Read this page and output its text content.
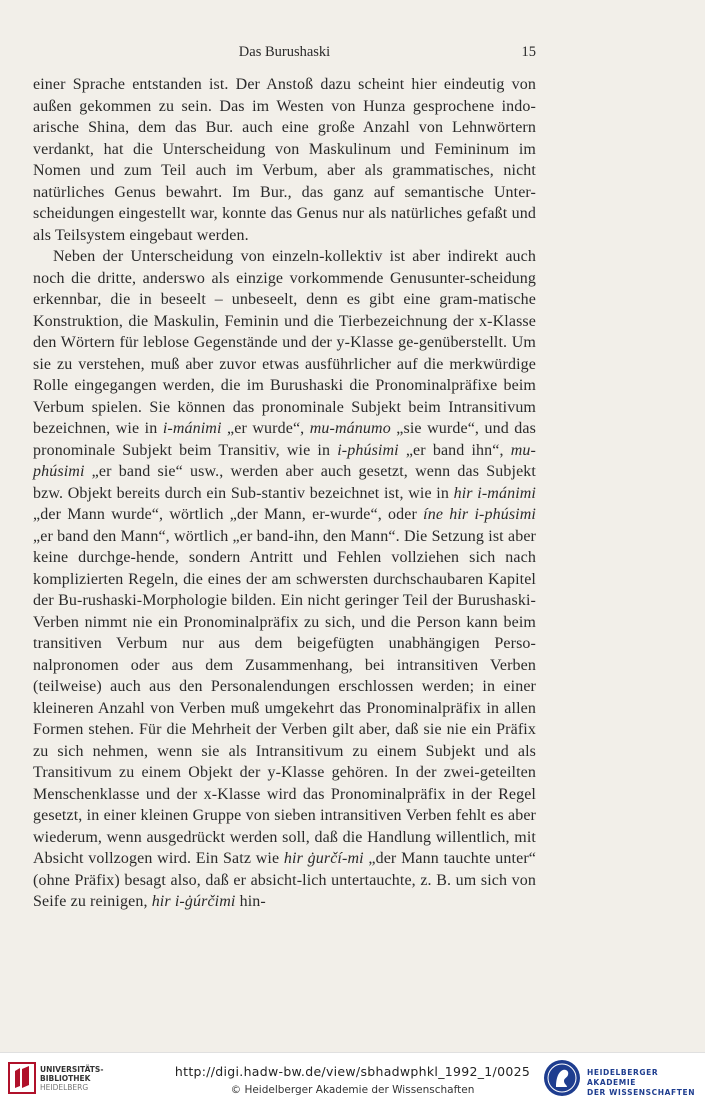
Das Burushaski	15

einer Sprache entstanden ist. Der Anstoß dazu scheint hier eindeutig von außen gekommen zu sein. Das im Westen von Hunza gesprochene indo-arische Shina, dem das Bur. auch eine große Anzahl von Lehnwörtern verdankt, hat die Unterscheidung von Maskulinum und Femininum im Nomen und zum Teil auch im Verbum, aber als grammatisches, nicht natürliches Genus bewahrt. Im Bur., das ganz auf semantische Unter-scheidungen eingestellt war, konnte das Genus nur als natürliches gefaßt und als Teilsystem eingebaut werden.

Neben der Unterscheidung von einzeln-kollektiv ist aber indirekt auch noch die dritte, anderswo als einzige vorkommende Genusunter-scheidung erkennbar, die in beseelt – unbeseelt, denn es gibt eine gram-matische Konstruktion, die Maskulin, Feminin und die Tierbezeichnung der x-Klasse den Wörtern für leblose Gegenstände und der y-Klasse ge-genüberstellt. Um sie zu verstehen, muß aber zuvor etwas ausführlicher auf die merkwürdige Rolle eingegangen werden, die im Burushaski die Pronominalpräfixe beim Verbum spielen. Sie können das pronominale Subjekt beim Intransitivum bezeichnen, wie in i-mánimi „er wurde“, mu-mánumo „sie wurde“, und das pronominale Subjekt beim Transitiv, wie in i-phúsimi „er band ihn“, mu-phúsimi „er band sie“ usw., werden aber auch gesetzt, wenn das Subjekt bzw. Objekt bereits durch ein Sub-stantiv bezeichnet ist, wie in hir i-mánimi „der Mann wurde“, wörtlich „der Mann, er-wurde“, oder íne hir i-phúsimi „er band den Mann“, wörtlich „er band-ihn, den Mann“. Die Setzung ist aber keine durchge-hende, sondern Antritt und Fehlen vollziehen sich nach komplizierten Regeln, die eines der am schwersten durchschaubaren Kapitel der Bu-rushaski-Morphologie bilden. Ein nicht geringer Teil der Burushaski-Verben nimmt nie ein Pronominalpräfix zu sich, und die Person kann beim transitiven Verbum nur aus dem beigefügten unabhängigen Perso-nalpronomen oder aus dem Zusammenhang, bei intransitiven Verben (teilweise) auch aus den Personalendungen erschlossen werden; in einer kleineren Anzahl von Verben muß umgekehrt das Pronominalpräfix in allen Formen stehen. Für die Mehrheit der Verben gilt aber, daß sie nie ein Präfix zu sich nehmen, wenn sie als Intransitivum zu einem Subjekt und als Transitivum zu einem Objekt der y-Klasse gehören. In der zwei-geteilten Menschenklasse und der x-Klasse wird das Pronominalpräfix in der Regel gesetzt, in einer kleinen Gruppe von sieben intransitiven Verben fehlt es aber wiederum, wenn ausgedrückt werden soll, daß die Handlung willentlich, mit Absicht vollzogen wird. Ein Satz wie hir ġurčí-mi „der Mann tauchte unter“ (ohne Präfix) besagt also, daß er absicht-lich untertauchte, z. B. um sich von Seife zu reinigen, hir i-ġúrčimi hin-

UNIVERSITÄTS-
BIBLIOTHEK
HEIDELBERG
http://digi.hadw-bw.de/view/sbhadwphkl_1992_1/0025
© Heidelberger Akademie der Wissenschaften
HEIDELBERGER AKADEMIE
DER WISSENSCHAFTEN
